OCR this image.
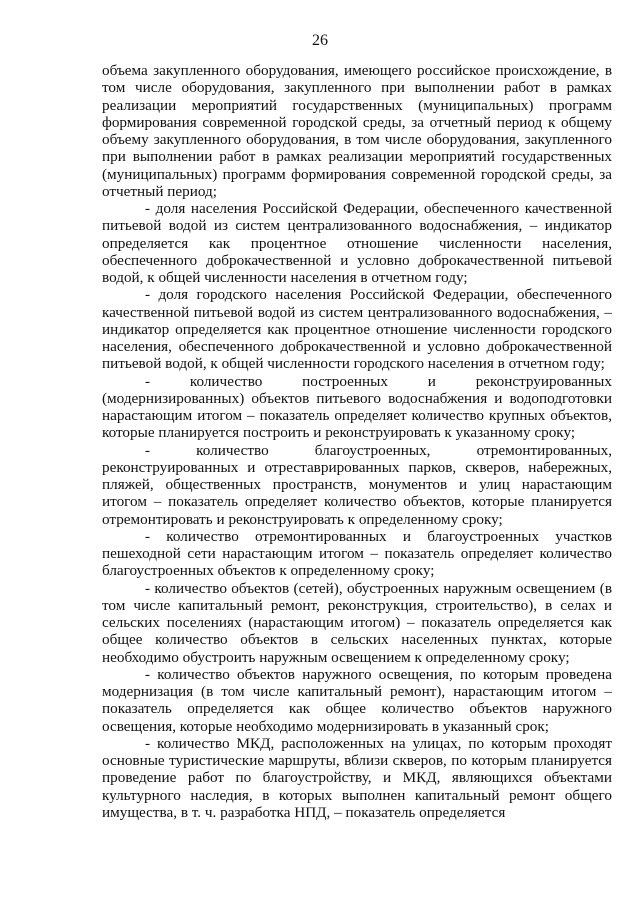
26

объема закупленного оборудования, имеющего российское происхождение, в том числе оборудования, закупленного при выполнении работ в рамках реализации мероприятий государственных (муниципальных) программ формирования современной городской среды, за отчетный период к общему объему закупленного оборудования, в том числе оборудования, закупленного при выполнении работ в рамках реализации мероприятий государственных (муниципальных) программ формирования современной городской среды, за отчетный период;

- доля населения Российской Федерации, обеспеченного качественной питьевой водой из систем централизованного водоснабжения, – индикатор определяется как процентное отношение численности населения, обеспеченного доброкачественной и условно доброкачественной питьевой водой, к общей численности населения в отчетном году;

- доля городского населения Российской Федерации, обеспеченного качественной питьевой водой из систем централизованного водоснабжения, – индикатор определяется как процентное отношение численности городского населения, обеспеченного доброкачественной и условно доброкачественной питьевой водой, к общей численности городского населения в отчетном году;

- количество построенных и реконструированных (модернизированных) объектов питьевого водоснабжения и водоподготовки нарастающим итогом – показатель определяет количество крупных объектов, которые планируется построить и реконструировать к указанному сроку;

- количество благоустроенных, отремонтированных, реконструированных и отреставрированных парков, скверов, набережных, пляжей, общественных пространств, монументов и улиц нарастающим итогом – показатель определяет количество объектов, которые планируется отремонтировать и реконструировать к определенному сроку;

- количество отремонтированных и благоустроенных участков пешеходной сети нарастающим итогом – показатель определяет количество благоустроенных объектов к определенному сроку;

- количество объектов (сетей), обустроенных наружным освещением (в том числе капитальный ремонт, реконструкция, строительство), в селах и сельских поселениях (нарастающим итогом) – показатель определяется как общее количество объектов в сельских населенных пунктах, которые необходимо обустроить наружным освещением к определенному сроку;

- количество объектов наружного освещения, по которым проведена модернизация (в том числе капитальный ремонт), нарастающим итогом – показатель определяется как общее количество объектов наружного освещения, которые необходимо модернизировать в указанный срок;

- количество МКД, расположенных на улицах, по которым проходят основные туристические маршруты, вблизи скверов, по которым планируется проведение работ по благоустройству, и МКД, являющихся объектами культурного наследия, в которых выполнен капитальный ремонт общего имущества, в т. ч. разработка НПД, – показатель определяется
